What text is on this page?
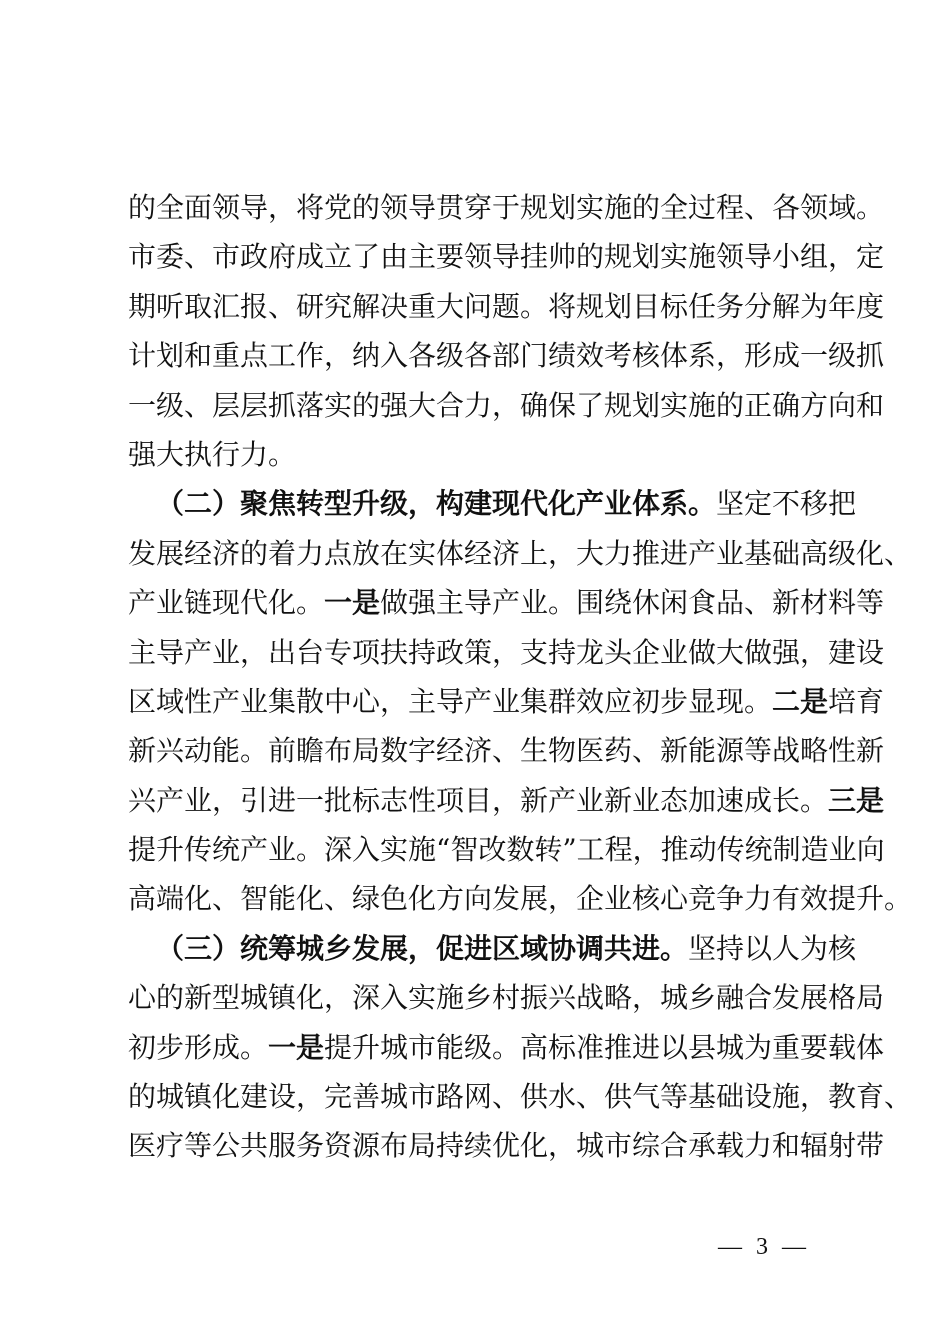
的全面领导，将党的领导贯穿于规划实施的全过程、各领域。
市委、市政府成立了由主要领导挂帅的规划实施领导小组，定
期听取汇报、研究解决重大问题。将规划目标任务分解为年度
计划和重点工作，纳入各级各部门绩效考核体系，形成一级抓
一级、层层抓落实的强大合力，确保了规划实施的正确方向和
强大执行力。
（二）聚焦转型升级，构建现代化产业体系。坚定不移把
发展经济的着力点放在实体经济上，大力推进产业基础高级化、
产业链现代化。一是做强主导产业。围绕休闲食品、新材料等
主导产业，出台专项扶持政策，支持龙头企业做大做强，建设
区域性产业集散中心，主导产业集群效应初步显现。二是培育
新兴动能。前瞻布局数字经济、生物医药、新能源等战略性新
兴产业，引进一批标志性项目，新产业新业态加速成长。三是
提升传统产业。深入实施“智改数转”工程，推动传统制造业向
高端化、智能化、绿色化方向发展，企业核心竞争力有效提升。
（三）统筹城乡发展，促进区域协调共进。坚持以人为核
心的新型城镇化，深入实施乡村振兴战略，城乡融合发展格局
初步形成。一是提升城市能级。高标准推进以县城为重要载体
的城镇化建设，完善城市路网、供水、供气等基础设施，教育、
医疗等公共服务资源布局持续优化，城市综合承载力和辐射带
— 3 —
